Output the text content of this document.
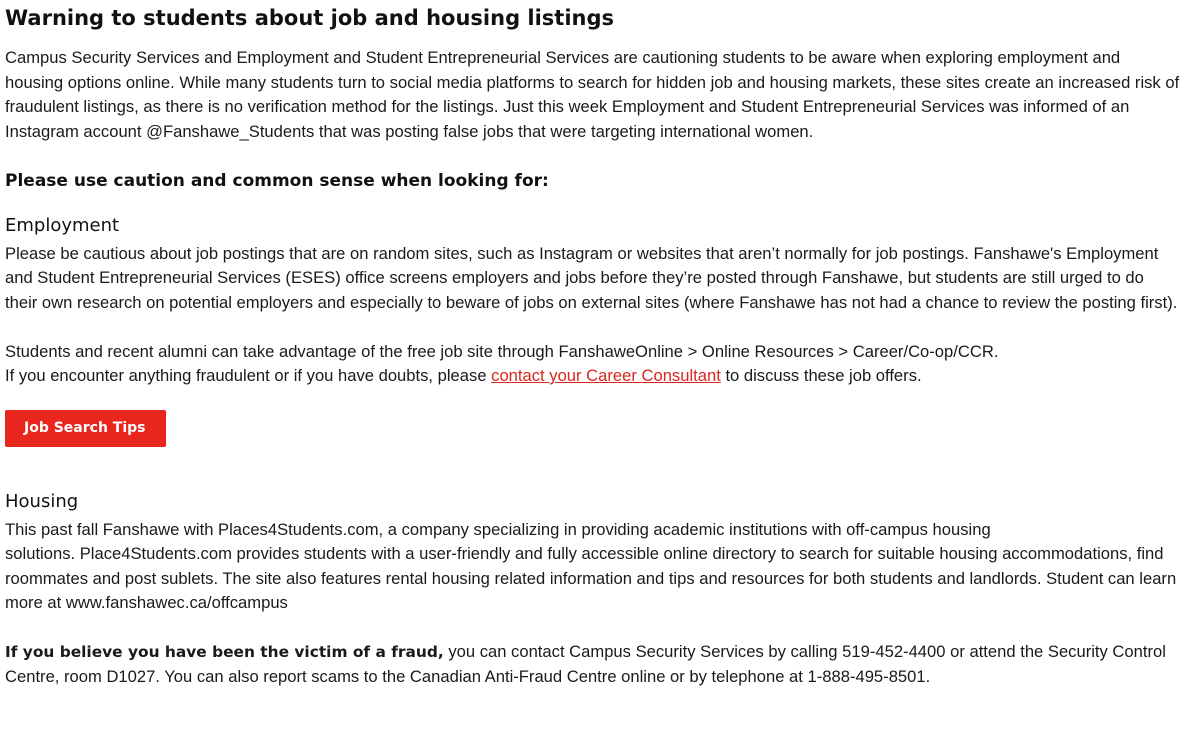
Warning to students about job and housing listings

Campus Security Services and Employment and Student Entrepreneurial Services are cautioning students to be aware when exploring employment and housing options online. While many students turn to social media platforms to search for hidden job and housing markets, these sites create an increased risk of fraudulent listings, as there is no verification method for the listings. Just this week Employment and Student Entrepreneurial Services was informed of an Instagram account @Fanshawe_Students that was posting false jobs that were targeting international women.

Please use caution and common sense when looking for:
Employment

Please be cautious about job postings that are on random sites, such as Instagram or websites that aren’t normally for job postings. Fanshawe's Employment and Student Entrepreneurial Services (ESES) office screens employers and jobs before they’re posted through Fanshawe, but students are still urged to do their own research on potential employers and especially to beware of jobs on external sites (where Fanshawe has not had a chance to review the posting first).

Students and recent alumni can take advantage of the free job site through FanshaweOnline > Online Resources > Career/Co-op/CCR.
If you encounter anything fraudulent or if you have doubts, please contact your Career Consultant to discuss these job offers.

Job Search Tips
Housing

This past fall Fanshawe with Places4Students.com, a company specializing in providing academic institutions with off-campus housing
solutions. Place4Students.com provides students with a user-friendly and fully accessible online directory to search for suitable housing accommodations, find roommates and post sublets. The site also features rental housing related information and tips and resources for both students and landlords. Student can learn more at www.fanshawec.ca/offcampus

If you believe you have been the victim of a fraud, you can contact Campus Security Services by calling 519-452-4400 or attend the Security Control Centre, room D1027. You can also report scams to the Canadian Anti-Fraud Centre online or by telephone at 1-888-495-8501.
